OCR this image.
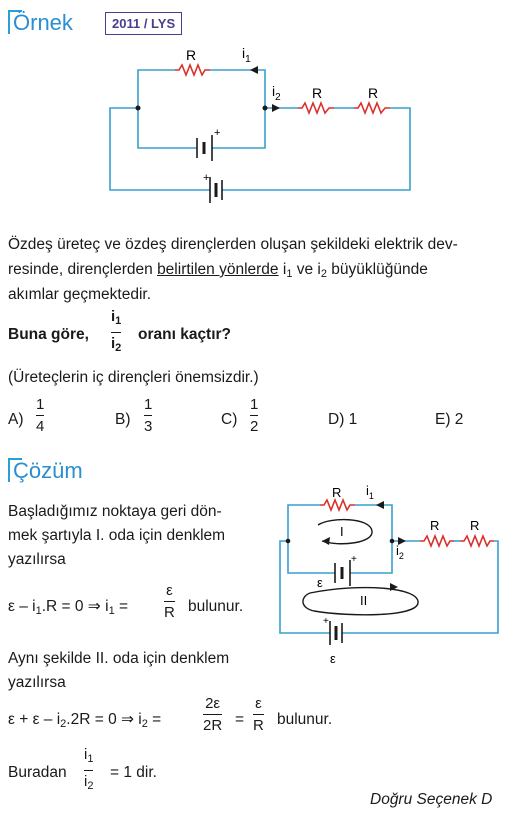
Örnek	2011 / LYS
R
R	R
$i_1$
$i_2$
+
+
Özdeş üreteç ve özdeş dirençlerden oluşan şekildeki elektrik dev-
resinde, dirençlerden belirtilen yönlerde $i_1$ ve $i_2$ büyüklüğünde
akımlar geçmektedir.
Buna göre,
$i_1$
$i_2$
oranı kaçtır?
(Üreteçlerin iç dirençleri önemsizdir.)
A)
1
4	B)
1
3	C)
1
2	D) 1	E) 2
Çözüm
Başladığımız noktaya geri dön-
mek şartıyla I. oda için denklem
yazılırsa
$\varepsilon - i_1.R = 0$ ⇒ $i_1$ =
ε
R bulunur.
Aynı şekilde II. oda için denklem
yazılırsa
$\varepsilon + \varepsilon - i_2.2R = 0$ ⇒ $i_2$ =
2ε
2R =
ε
R bulunur.
Buradan
$i_1$
$i_2$
= 1 dir.
Doğru Seçenek D
R
R R
$i_1$
$i_2$
I
II
ε
ε
+
+
